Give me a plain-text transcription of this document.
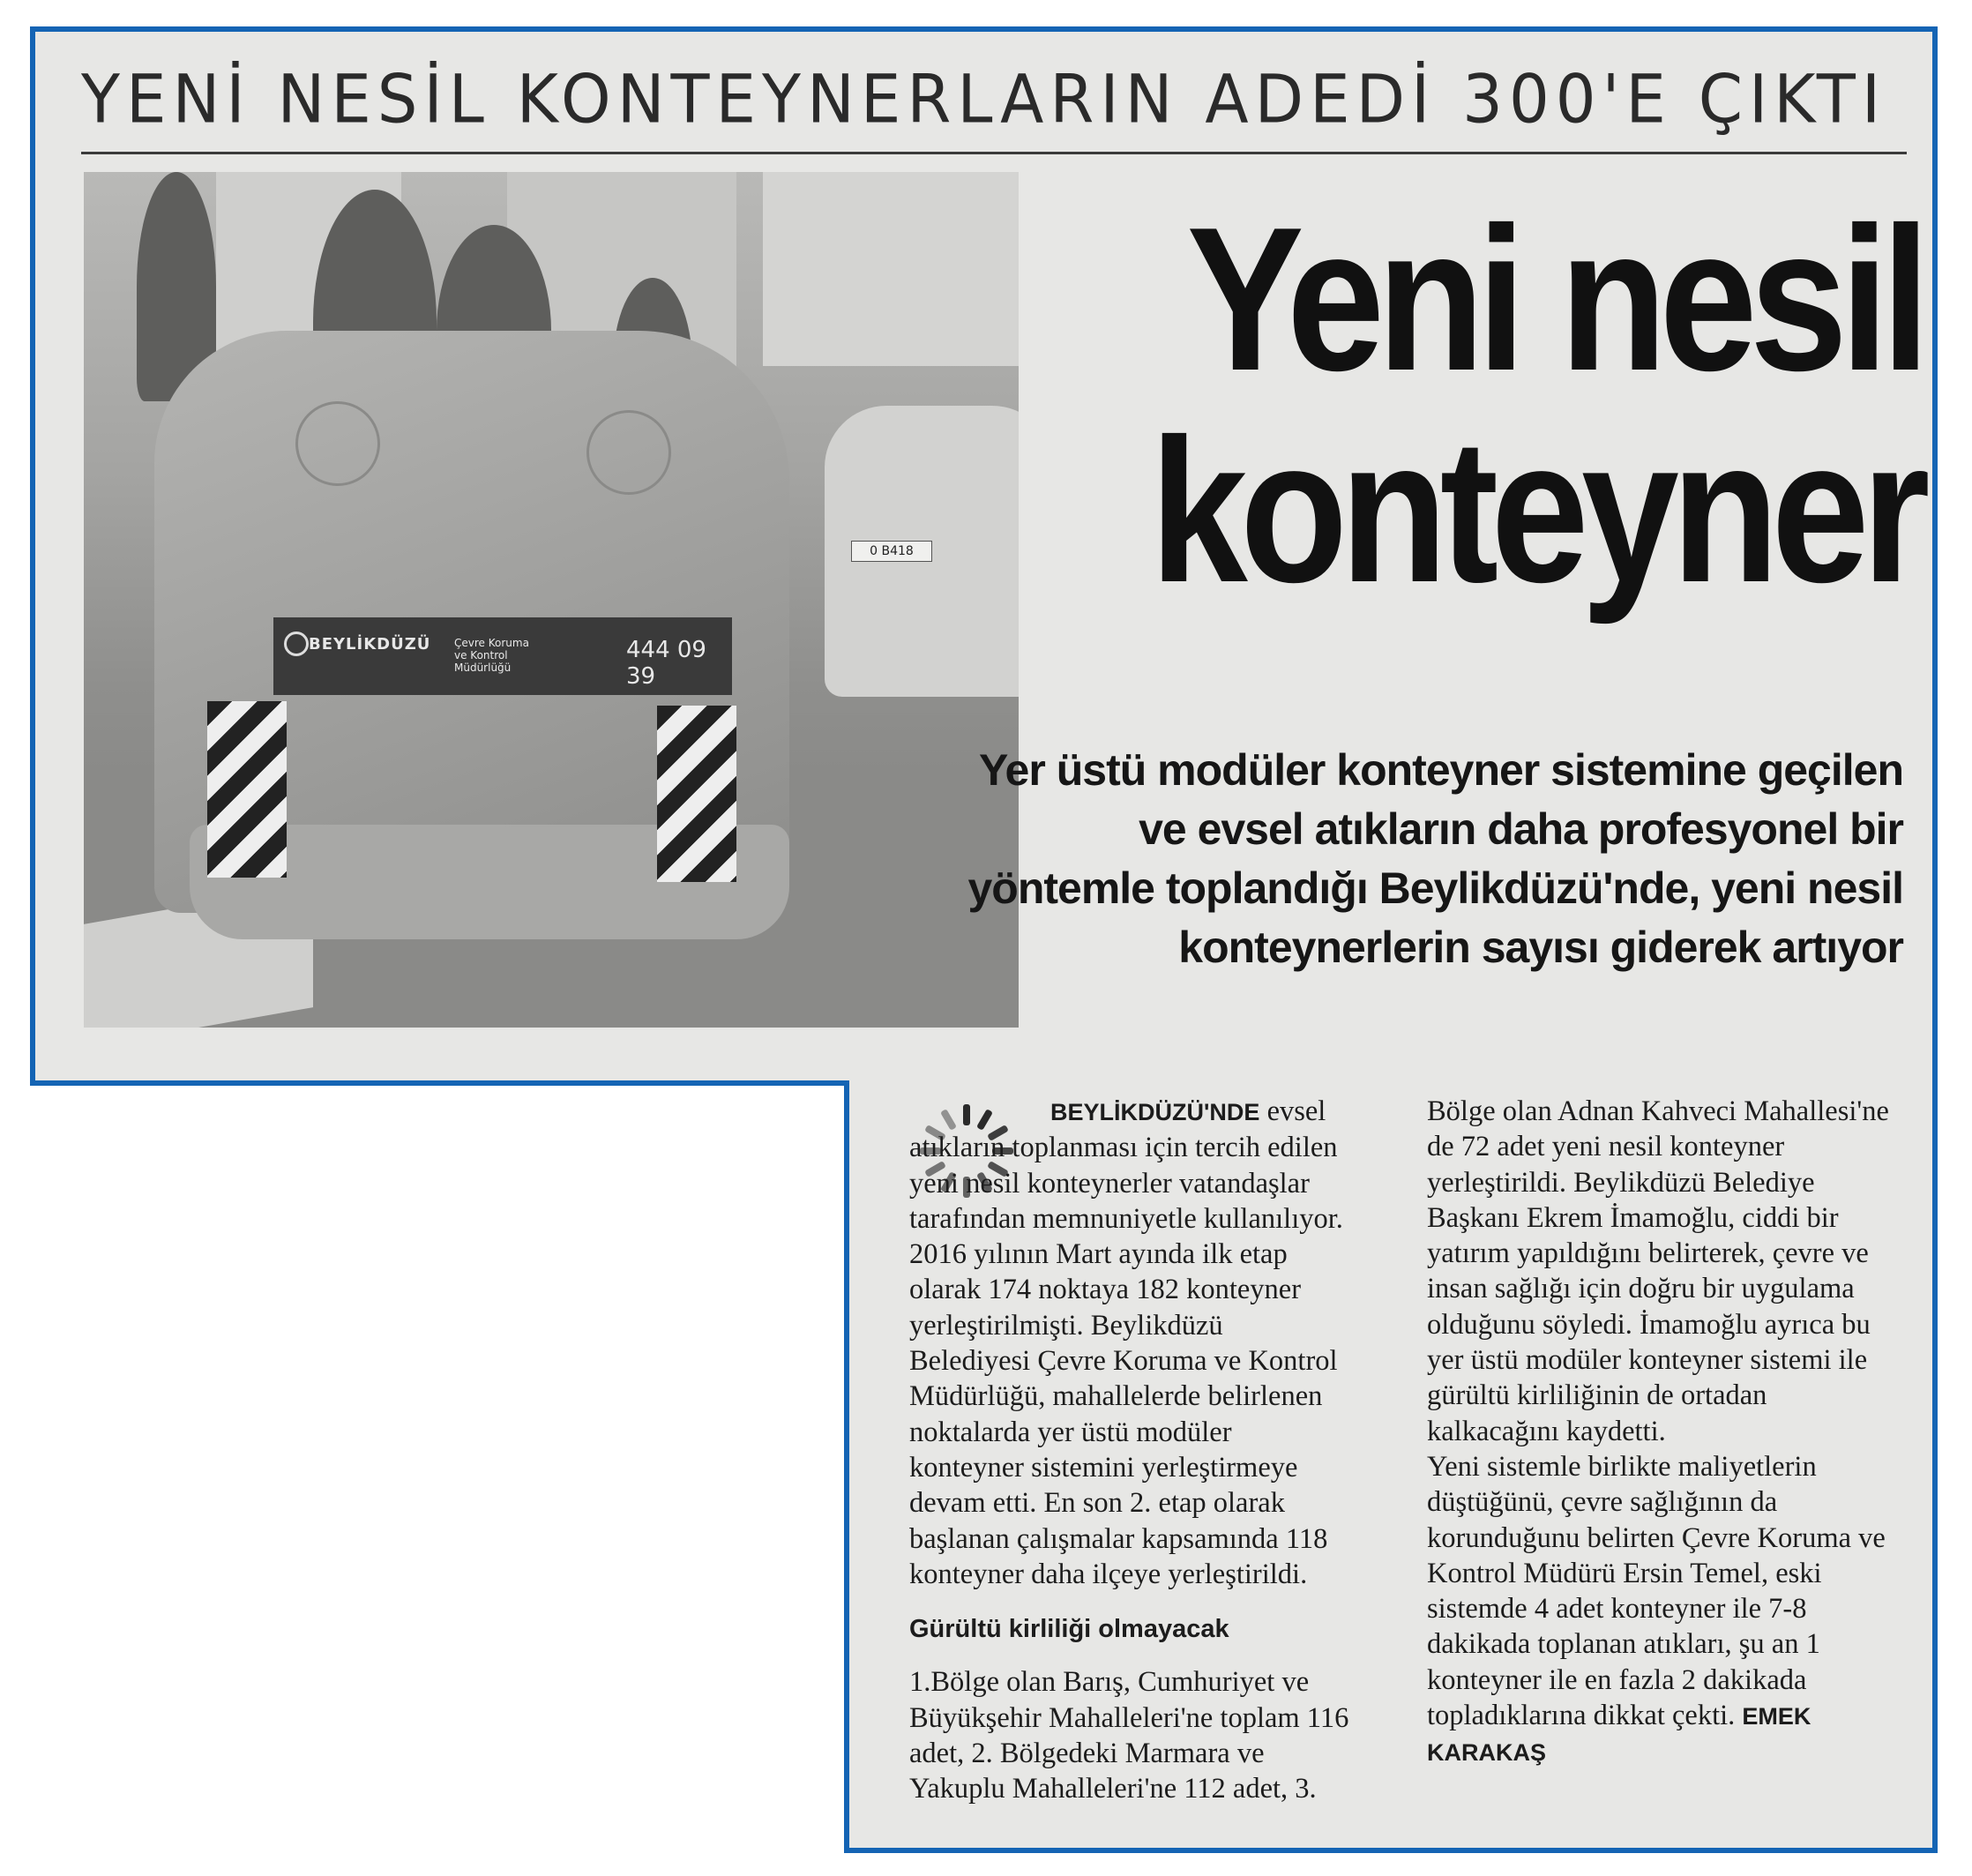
YENİ NESİL KONTEYNERLARIN ADEDİ 300'E ÇIKTI
0 B418
BEYLİKDÜZÜ Çevre Koruma ve Kontrol Müdürlüğü
444 09 39
Yeni nesil
konteyner
Yer üstü modüler konteyner sistemine geçilen ve evsel atıkların daha profesyonel bir yöntemle toplandığı Beylikdüzü'nde, yeni nesil konteynerlerin sayısı giderek artıyor

BEYLİKDÜZÜ'NDE evsel atıkların toplanması için tercih edilen yeni nesil konteynerler vatandaşlar tarafından memnuniyetle kullanılıyor. 2016 yılının Mart ayında ilk etap olarak 174 noktaya 182 konteyner yerleştirilmişti. Beylikdüzü Belediyesi Çevre Koruma ve Kontrol Müdürlüğü, mahallelerde belirlenen noktalarda yer üstü modüler konteyner sistemini yerleştirmeye devam etti. En son 2. etap olarak başlanan çalışmalar kapsamında 118 konteyner daha ilçeye yerleştirildi.

Gürültü kirliliği olmayacak

1.Bölge olan Barış, Cumhuriyet ve Büyükşehir Mahalleleri'ne toplam 116 adet, 2. Bölgedeki Marmara ve Yakuplu Mahalleleri'ne 112 adet, 3.

Bölge olan Adnan Kahveci Mahallesi'ne de 72 adet yeni nesil konteyner yerleştirildi. Beylikdüzü Belediye Başkanı Ekrem İmamoğlu, ciddi bir yatırım yapıldığını belirterek, çevre ve insan sağlığı için doğru bir uygulama olduğunu söyledi. İmamoğlu ayrıca bu yer üstü modüler konteyner sistemi ile gürültü kirliliğinin de ortadan kalkacağını kaydetti.

Yeni sistemle birlikte maliyetlerin düştüğünü, çevre sağlığının da korunduğunu belirten Çevre Koruma ve Kontrol Müdürü Ersin Temel, eski sistemde 4 adet konteyner ile 7-8 dakikada toplanan atıkları, şu an 1 konteyner ile en fazla 2 dakikada topladıklarına dikkat çekti. EMEK KARAKAŞ
